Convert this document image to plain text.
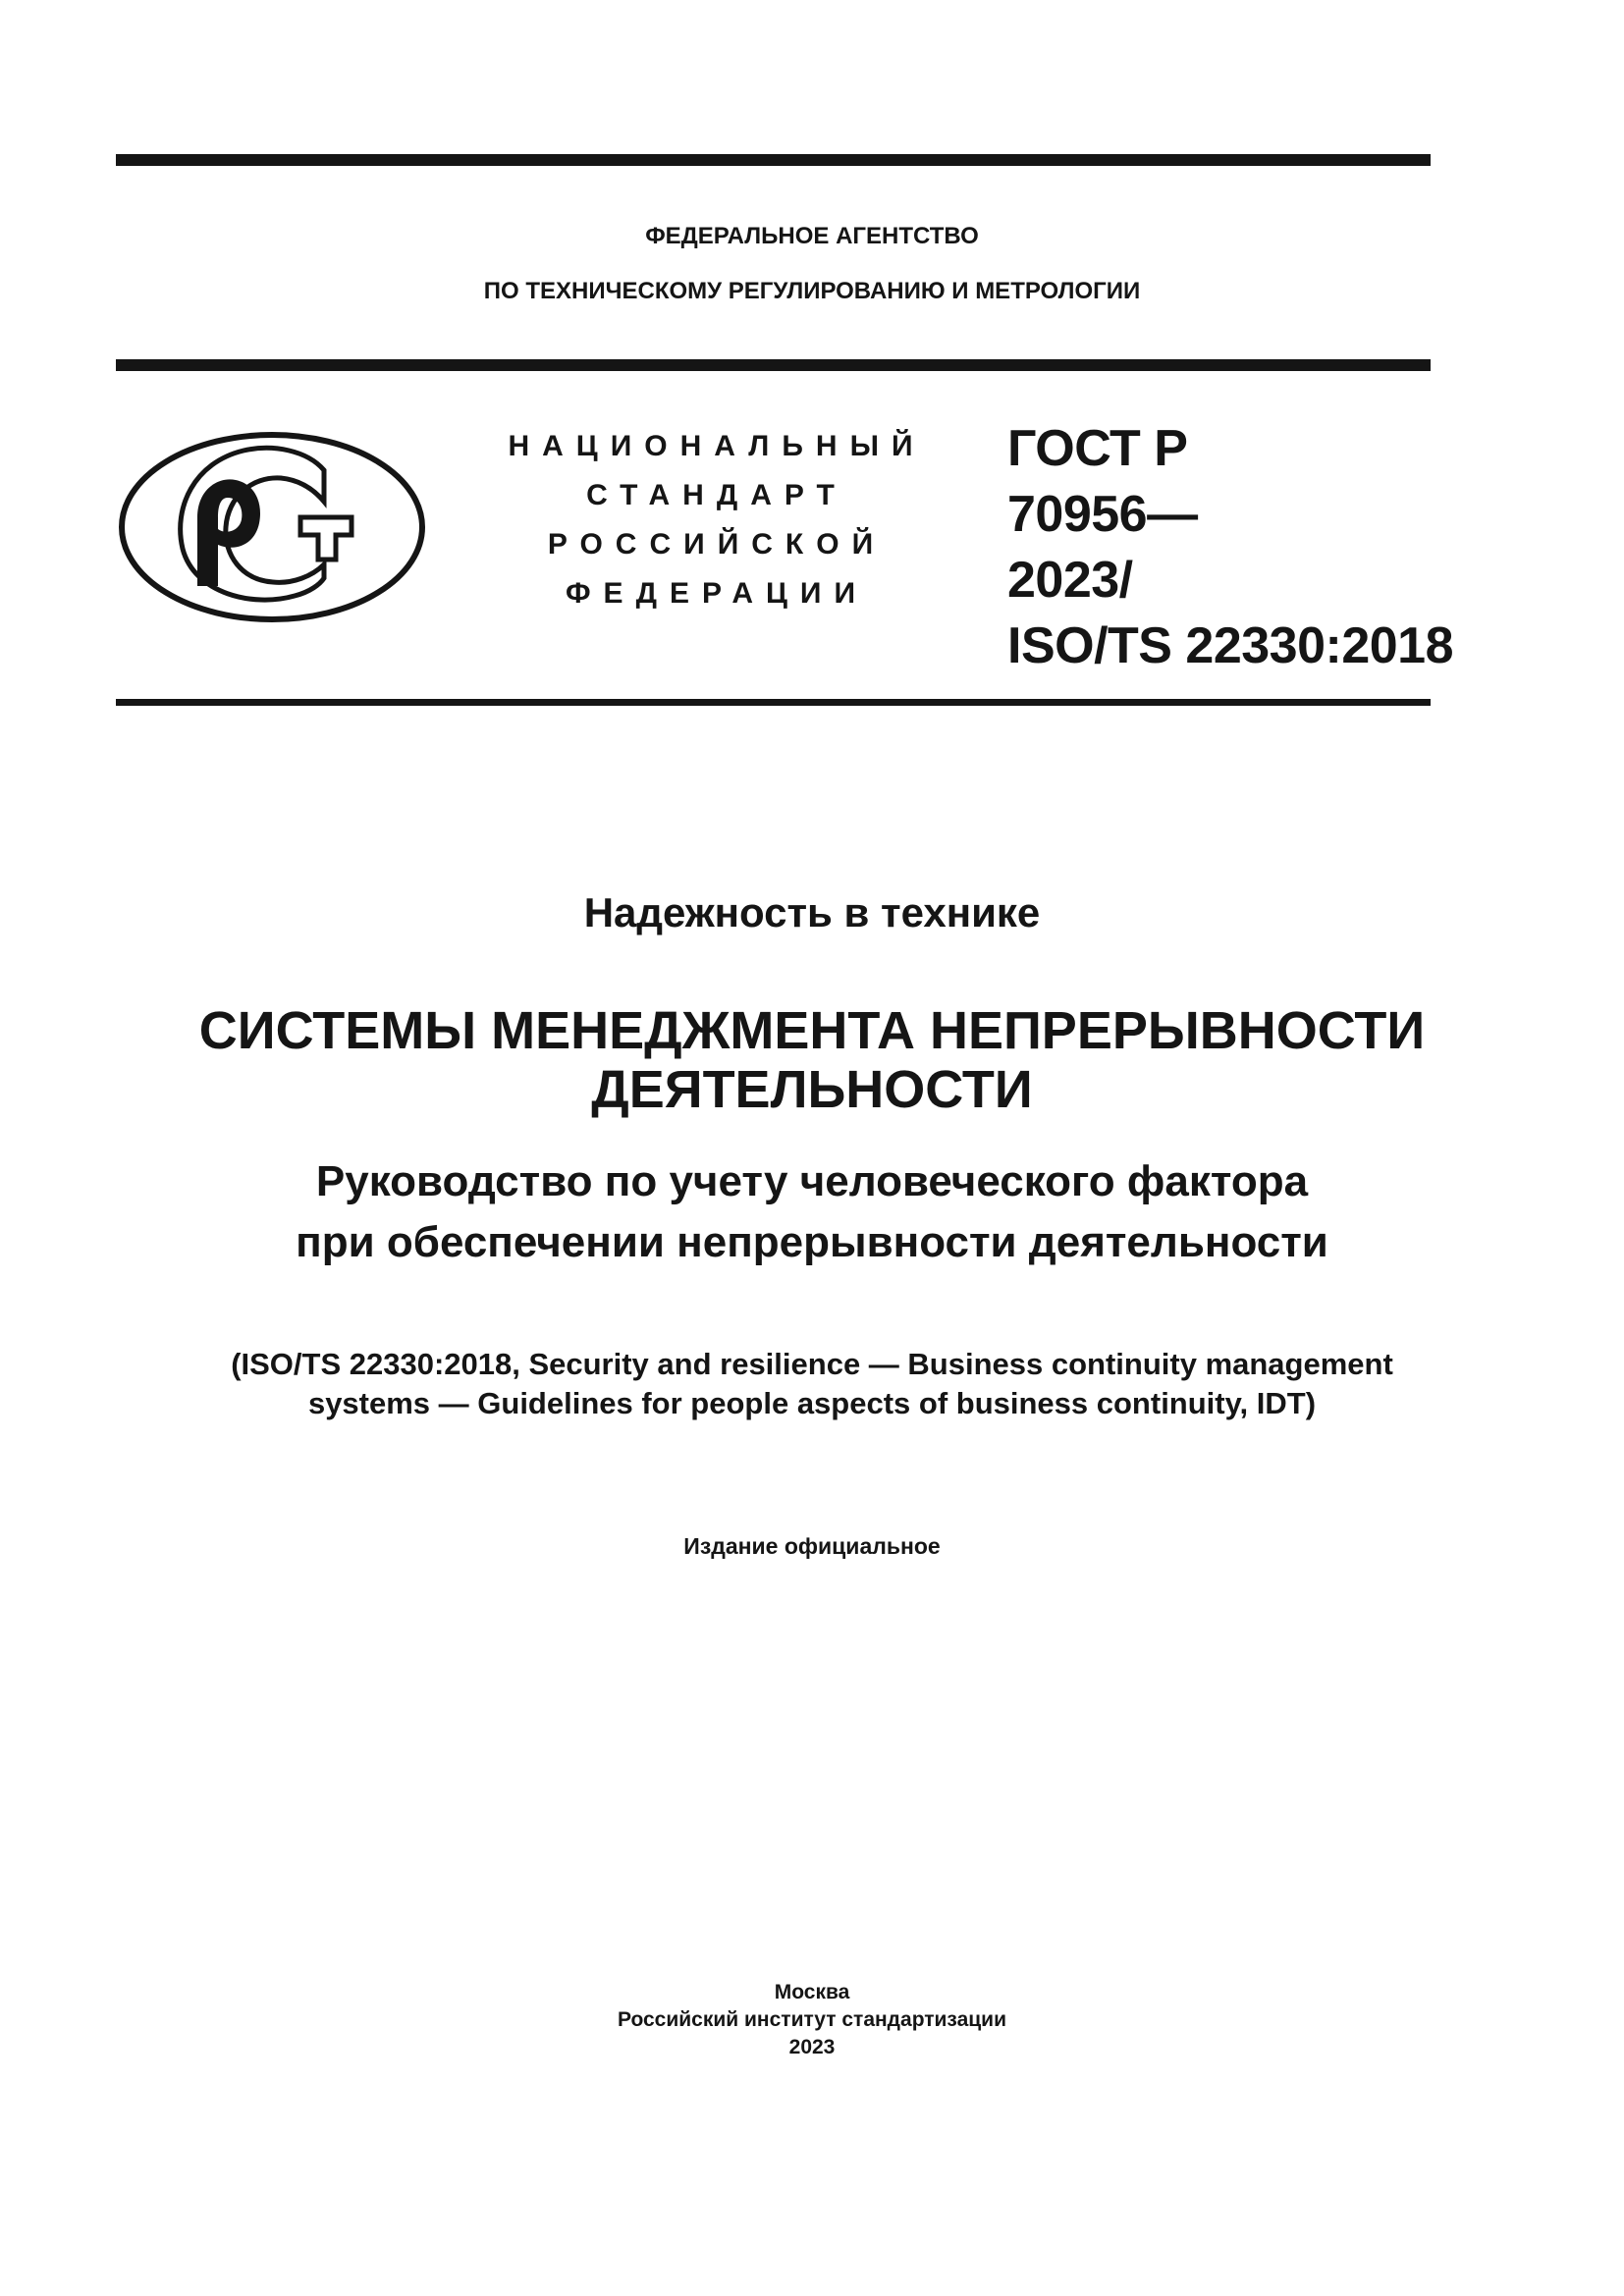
ФЕДЕРАЛЬНОЕ АГЕНТСТВО
ПО ТЕХНИЧЕСКОМУ РЕГУЛИРОВАНИЮ И МЕТРОЛОГИИ
НАЦИОНАЛЬНЫЙ
СТАНДАРТ
РОССИЙСКОЙ
ФЕДЕРАЦИИ
ГОСТ Р
70956—
2023/
ISO/TS 22330:2018
Надежность в технике
СИСТЕМЫ МЕНЕДЖМЕНТА НЕПРЕРЫВНОСТИ
ДЕЯТЕЛЬНОСТИ
Руководство по учету человеческого фактора
при обеспечении непрерывности деятельности
(ISO/TS 22330:2018, Security and resilience — Business continuity management
systems — Guidelines for people aspects of business continuity, IDT)
Издание официальное
Москва
Российский институт стандартизации
2023
